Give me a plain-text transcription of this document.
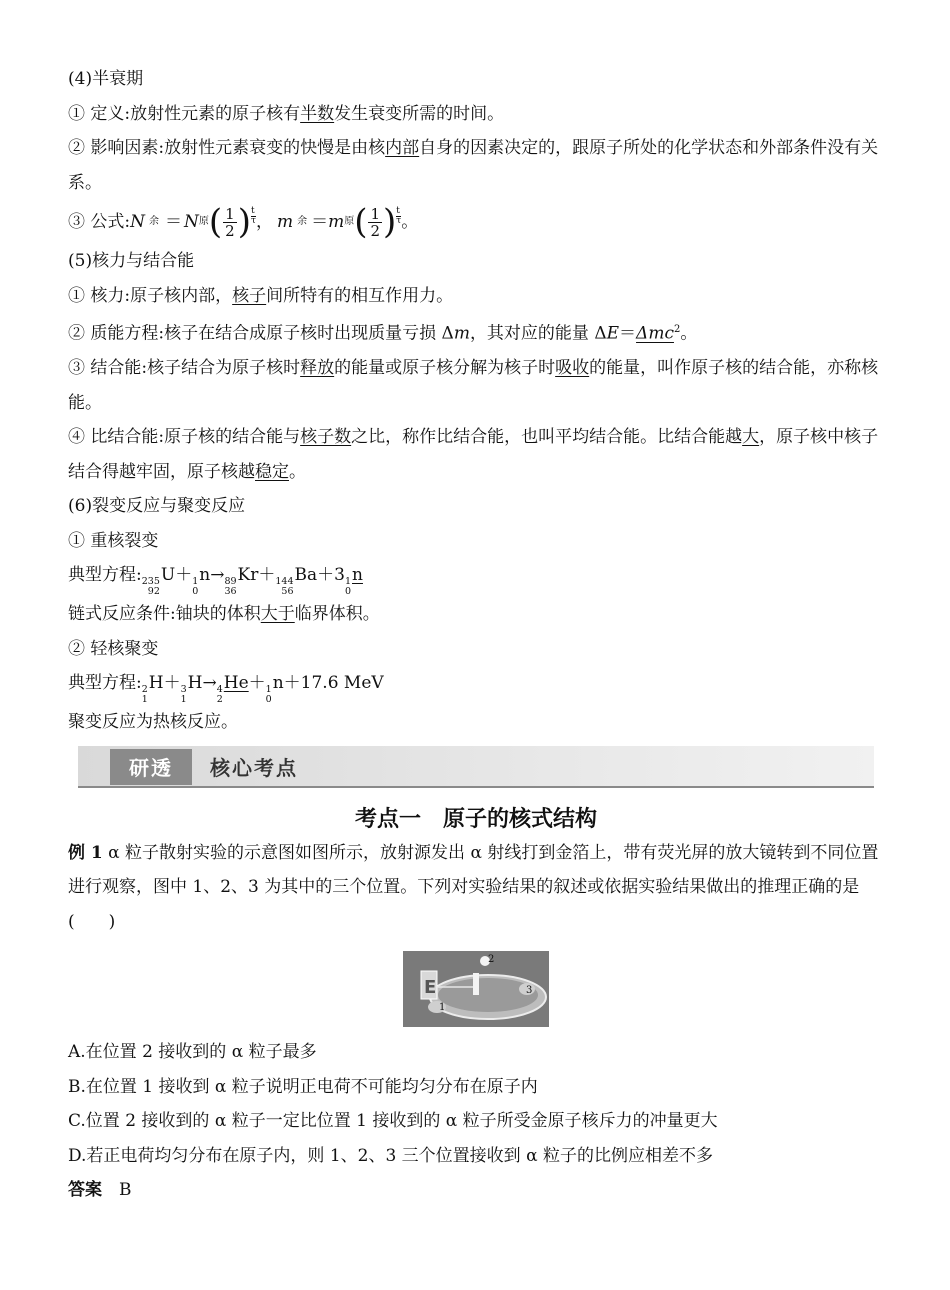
(4)半衰期
① 定义:放射性元素的原子核有半数发生衰变所需的时间。
② 影响因素:放射性元素衰变的快慢是由核内部自身的因素决定的，跟原子所处的化学状态和外部条件没有关系。
③ 公式: N 余 ＝ N 原 ( 1
2 ) t
τ ， m 余 ＝ m 原 ( 1
2 ) t
τ 。
(5)核力与结合能
① 核力:原子核内部，核子间所特有的相互作用力。
② 质能方程:核子在结合成原子核时出现质量亏损 Δm，其对应的能量 ΔE＝Δmc$^2$。
③ 结合能:核子结合为原子核时释放的能量或原子核分解为核子时吸收的能量，叫作原子核的结合能，亦称核能。
④ 比结合能:原子核的结合能与核子数之比，称作比结合能，也叫平均结合能。比结合能越大，原子核中核子结合得越牢固，原子核越稳定。
(6)裂变反应与聚变反应
① 重核裂变
典型方程: 235
92
U＋ 1
0
n→ 89
36
Kr＋ 144
56
Ba＋3 1
0
n
链式反应条件:铀块的体积大于临界体积。
② 轻核聚变
典型方程: 2
1
H＋ 3
1
H→ 4
2
He＋ 1
0
n＋17.6 MeV
聚变反应为热核反应。
研透	核心考点
考点一　原子的核式结构
例 1 α 粒子散射实验的示意图如图所示，放射源发出 α 射线打到金箔上，带有荧光屏的放大镜转到不同位置进行观察，图中 1、2、3 为其中的三个位置。下列对实验结果的叙述或依据实验结果做出的推理正确的是(　　)
E
2
3
1
A.在位置 2 接收到的 α 粒子最多
B.在位置 1 接收到 α 粒子说明正电荷不可能均匀分布在原子内
C.位置 2 接收到的 α 粒子一定比位置 1 接收到的 α 粒子所受金原子核斥力的冲量更大
D.若正电荷均匀分布在原子内，则 1、2、3 三个位置接收到 α 粒子的比例应相差不多
答案　 B
